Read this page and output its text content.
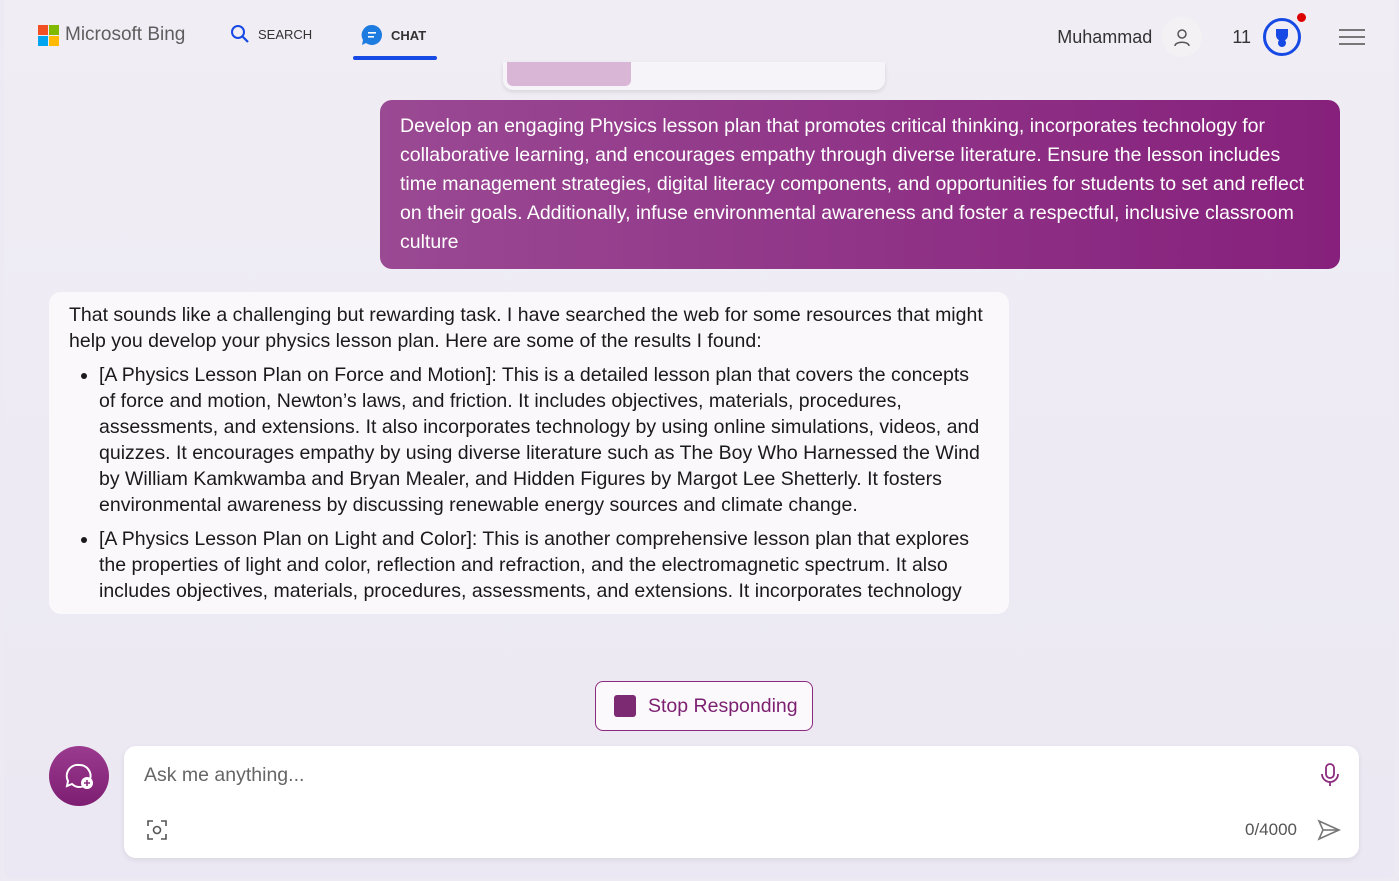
Microsoft Bing	SEARCH	CHAT	Muhammad	11
Develop an engaging Physics lesson plan that promotes critical thinking, incorporates technology for collaborative learning, and encourages empathy through diverse literature. Ensure the lesson includes time management strategies, digital literacy components, and opportunities for students to set and reflect on their goals. Additionally, infuse environmental awareness and foster a respectful, inclusive classroom culture

That sounds like a challenging but rewarding task. I have searched the web for some resources that might help you develop your physics lesson plan. Here are some of the results I found:

• [A Physics Lesson Plan on Force and Motion]: This is a detailed lesson plan that covers the concepts of force and motion, Newton’s laws, and friction. It includes objectives, materials, procedures, assessments, and extensions. It also incorporates technology by using online simulations, videos, and quizzes. It encourages empathy by using diverse literature such as The Boy Who Harnessed the Wind by William Kamkwamba and Bryan Mealer, and Hidden Figures by Margot Lee Shetterly. It fosters environmental awareness by discussing renewable energy sources and climate change.
• [A Physics Lesson Plan on Light and Color]: This is another comprehensive lesson plan that explores the properties of light and color, reflection and refraction, and the electromagnetic spectrum. It also includes objectives, materials, procedures, assessments, and extensions. It incorporates technology
Stop Responding
Ask me anything...
0/4000
